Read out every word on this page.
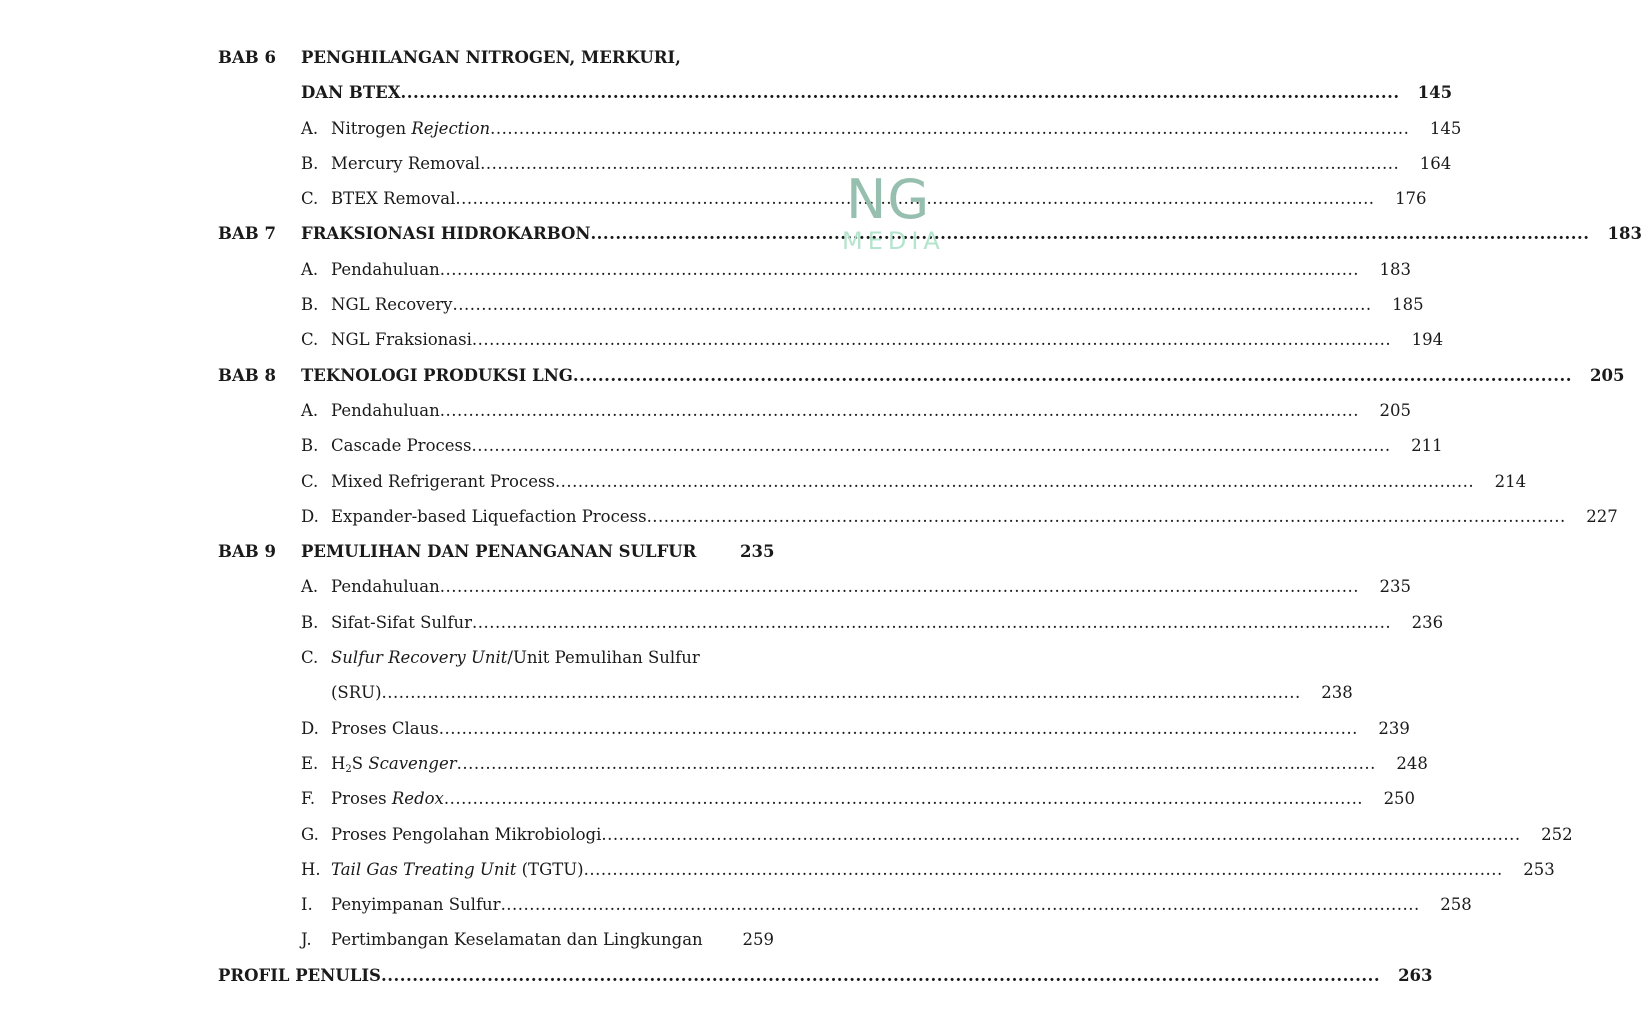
BAB 6	PENGHILANGAN NITROGEN, MERKURI,
DAN BTEX .....	145
A. Nitrogen Rejection .....	145
B. Mercury Removal .....	164
C. BTEX Removal .....	176
BAB 7	FRAKSIONASI HIDROKARBON .....	183
A. Pendahuluan .....	183
B. NGL Recovery .....	185
C. NGL Fraksionasi .....	194
BAB 8	TEKNOLOGI PRODUKSI LNG .....	205
A. Pendahuluan .....	205
B. Cascade Process .....	211
C. Mixed Refrigerant Process .....	214
D. Expander-based Liquefaction Process .....	227
BAB 9	PEMULIHAN DAN PENANGANAN SULFUR	235
A. Pendahuluan .....	235
B. Sifat-Sifat Sulfur .....	236
C. Sulfur Recovery Unit/Unit Pemulihan Sulfur
(SRU) .....	238
D. Proses Claus .....	239
E. $H_2S$ Scavenger .....	248
F. Proses Redox .....	250
G. Proses Pengolahan Mikrobiologi .....	252
H. Tail Gas Treating Unit (TGTU) .....	253
I.	Penyimpanan Sulfur .....	258
J.	Pertimbangan Keselamatan dan Lingkungan 259
PROFIL PENULIS .....	263
NG
MEDIA
